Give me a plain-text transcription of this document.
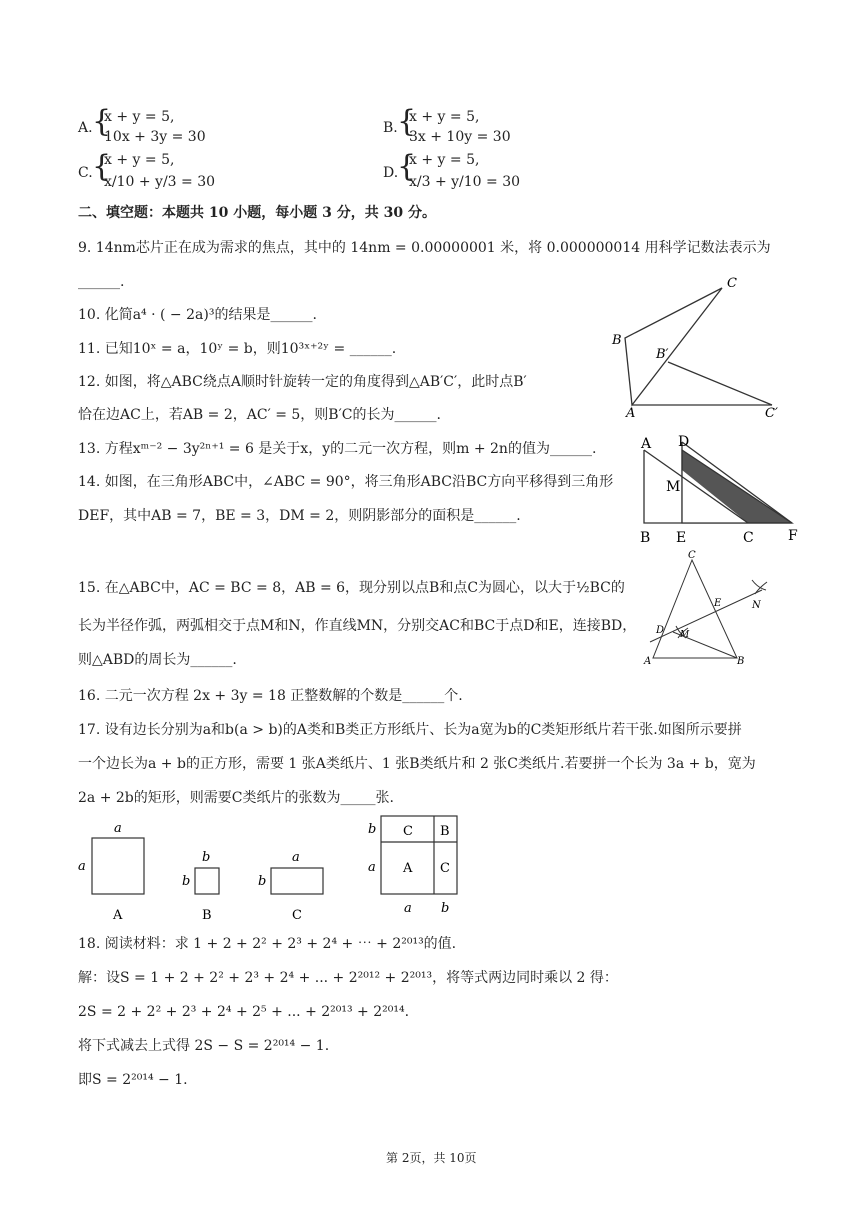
A. {
x + y = 5,
10x + 3y = 30
B. {
x + y = 5,
3x + 10y = 30
C. {
x + y = 5,
x/10 + y/3 = 30
D.
{
x + y = 5,
x/3 + y/10 = 30
二、填空题：本题共 10 小题，每小题 3 分，共 30 分。
9. 14nm芯片正在成为需求的焦点，其中的 14nm = 0.00000001 米，将 0.000000014 用科学记数法表示为
______.
10. 化简a⁴ · ( − 2a)³的结果是______.
11. 已知10ˣ = a，10ʸ = b，则10³ˣ⁺²ʸ = ______.
12. 如图，将△ABC绕点A顺时针旋转一定的角度得到△AB′C′，此时点B′
恰在边AC上，若AB = 2，AC′ = 5，则B′C的长为______.
13. 方程xᵐ⁻² − 3y²ⁿ⁺¹ = 6 是关于x，y的二元一次方程，则m + 2n的值为______.
14. 如图，在三角形ABC中，∠ABC = 90°，将三角形ABC沿BC方向平移得到三角形
DEF，其中AB = 7，BE = 3，DM = 2，则阴影部分的面积是______.
15. 在△ABC中，AC = BC = 8，AB = 6，现分别以点B和点C为圆心，以大于½BC的
长为半径作弧，两弧相交于点M和N，作直线MN，分别交AC和BC于点D和E，连接BD，
则△ABD的周长为______.
16. 二元一次方程 2x + 3y = 18 正整数解的个数是______个.
17. 设有边长分别为a和b(a > b)的A类和B类正方形纸片、长为a宽为b的C类矩形纸片若干张.如图所示要拼
一个边长为a + b的正方形，需要 1 张A类纸片、1 张B类纸片和 2 张C类纸片.若要拼一个长为 3a + b，宽为
2a + 2b的矩形，则需要C类纸片的张数为_____张.
18. 阅读材料：求 1 + 2 + 2² + 2³ + 2⁴ + ⋯ + 2²⁰¹³的值.
解：设S = 1 + 2 + 2² + 2³ + 2⁴ + ... + 2²⁰¹² + 2²⁰¹³，将等式两边同时乘以 2 得：
2S = 2 + 2² + 2³ + 2⁴ + 2⁵ + ... + 2²⁰¹³ + 2²⁰¹⁴.
将下式减去上式得 2S − S = 2²⁰¹⁴ − 1.
即S = 2²⁰¹⁴ − 1.
第 2页，共 10页
B
B′
A
C
C′
A D
M
B E	C F
C
E	N
D M
A	B
a
a
A
b
b
B
a
b
C
b
a
C B
A C
a b
